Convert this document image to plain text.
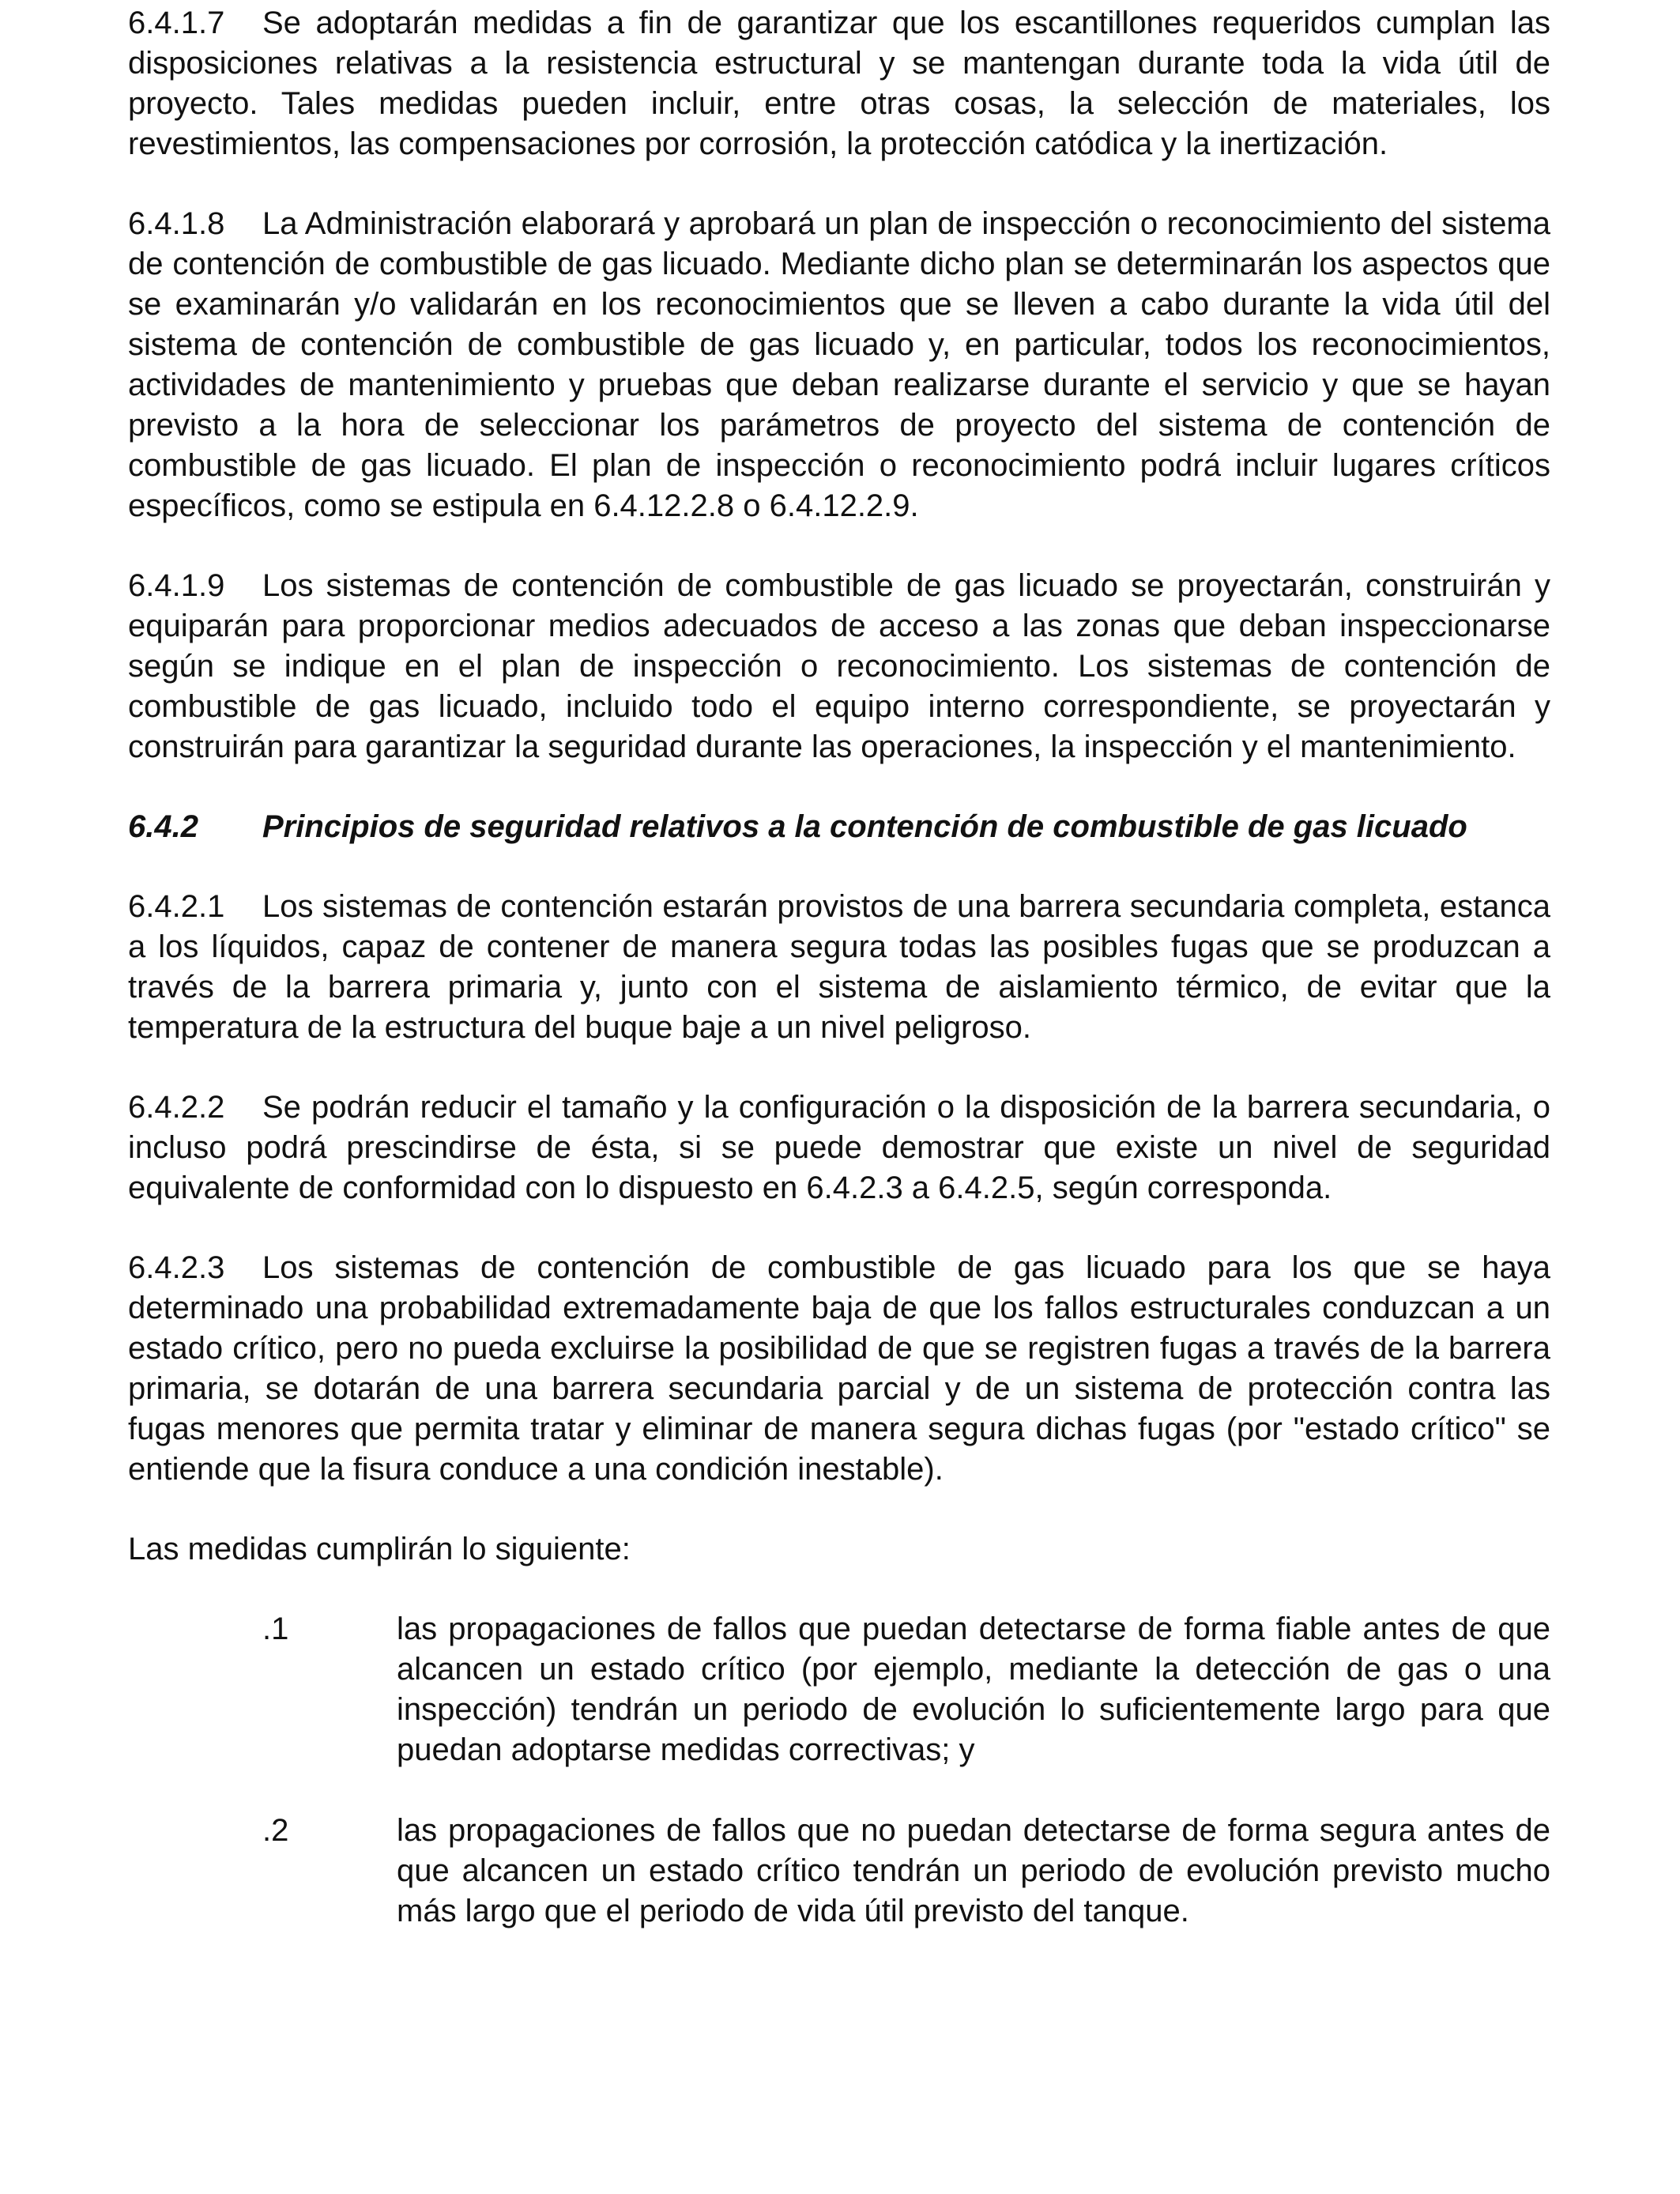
6.4.1.7 Se adoptarán medidas a fin de garantizar que los escantillones requeridos cumplan las disposiciones relativas a la resistencia estructural y se mantengan durante toda la vida útil de proyecto. Tales medidas pueden incluir, entre otras cosas, la selección de materiales, los revestimientos, las compensaciones por corrosión, la protección catódica y la inertización.

6.4.1.8 La Administración elaborará y aprobará un plan de inspección o reconocimiento del sistema de contención de combustible de gas licuado. Mediante dicho plan se determinarán los aspectos que se examinarán y/o validarán en los reconocimientos que se lleven a cabo durante la vida útil del sistema de contención de combustible de gas licuado y, en particular, todos los reconocimientos, actividades de mantenimiento y pruebas que deban realizarse durante el servicio y que se hayan previsto a la hora de seleccionar los parámetros de proyecto del sistema de contención de combustible de gas licuado. El plan de inspección o reconocimiento podrá incluir lugares críticos específicos, como se estipula en 6.4.12.2.8 o 6.4.12.2.9.

6.4.1.9 Los sistemas de contención de combustible de gas licuado se proyectarán, construirán y equiparán para proporcionar medios adecuados de acceso a las zonas que deban inspeccionarse según se indique en el plan de inspección o reconocimiento. Los sistemas de contención de combustible de gas licuado, incluido todo el equipo interno correspondiente, se proyectarán y construirán para garantizar la seguridad durante las operaciones, la inspección y el mantenimiento.

6.4.2	Principios de seguridad relativos a la contención de combustible de gas licuado

6.4.2.1 Los sistemas de contención estarán provistos de una barrera secundaria completa, estanca a los líquidos, capaz de contener de manera segura todas las posibles fugas que se produzcan a través de la barrera primaria y, junto con el sistema de aislamiento térmico, de evitar que la temperatura de la estructura del buque baje a un nivel peligroso.

6.4.2.2 Se podrán reducir el tamaño y la configuración o la disposición de la barrera secundaria, o incluso podrá prescindirse de ésta, si se puede demostrar que existe un nivel de seguridad equivalente de conformidad con lo dispuesto en 6.4.2.3 a 6.4.2.5, según corresponda.

6.4.2.3 Los sistemas de contención de combustible de gas licuado para los que se haya determinado una probabilidad extremadamente baja de que los fallos estructurales conduzcan a un estado crítico, pero no pueda excluirse la posibilidad de que se registren fugas a través de la barrera primaria, se dotarán de una barrera secundaria parcial y de un sistema de protección contra las fugas menores que permita tratar y eliminar de manera segura dichas fugas (por "estado crítico" se entiende que la fisura conduce a una condición inestable).

Las medidas cumplirán lo siguiente:

.1	las propagaciones de fallos que puedan detectarse de forma fiable antes de que alcancen un estado crítico (por ejemplo, mediante la detección de gas o una inspección) tendrán un periodo de evolución lo suficientemente largo para que puedan adoptarse medidas correctivas; y
.2	las propagaciones de fallos que no puedan detectarse de forma segura antes de que alcancen un estado crítico tendrán un periodo de evolución previsto mucho más largo que el periodo de vida útil previsto del tanque.
